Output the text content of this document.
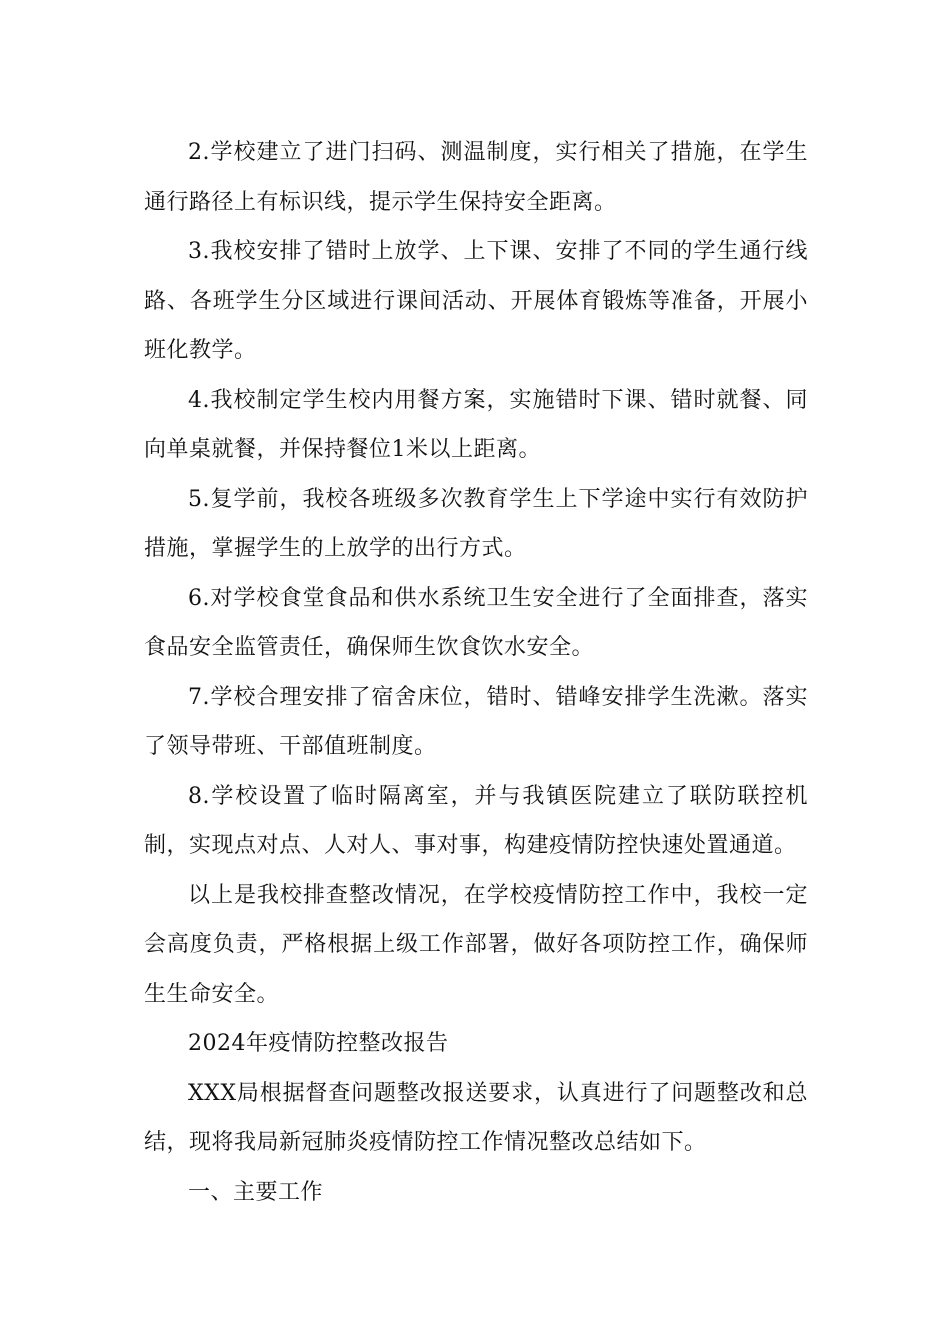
2.学校建立了进门扫码、测温制度，实行相关了措施，在学生通行路径上有标识线，提示学生保持安全距离。

3.我校安排了错时上放学、上下课、安排了不同的学生通行线路、各班学生分区域进行课间活动、开展体育锻炼等准备，开展小班化教学。

4.我校制定学生校内用餐方案，实施错时下课、错时就餐、同向单桌就餐，并保持餐位1米以上距离。

5.复学前，我校各班级多次教育学生上下学途中实行有效防护措施，掌握学生的上放学的出行方式。

6.对学校食堂食品和供水系统卫生安全进行了全面排查，落实食品安全监管责任，确保师生饮食饮水安全。

7.学校合理安排了宿舍床位，错时、错峰安排学生洗漱。落实了领导带班、干部值班制度。

8.学校设置了临时隔离室，并与我镇医院建立了联防联控机制，实现点对点、人对人、事对事，构建疫情防控快速处置通道。

以上是我校排查整改情况，在学校疫情防控工作中，我校一定会高度负责，严格根据上级工作部署，做好各项防控工作，确保师生生命安全。

2024年疫情防控整改报告

XXX局根据督查问题整改报送要求，认真进行了问题整改和总结，现将我局新冠肺炎疫情防控工作情况整改总结如下。

一、主要工作
